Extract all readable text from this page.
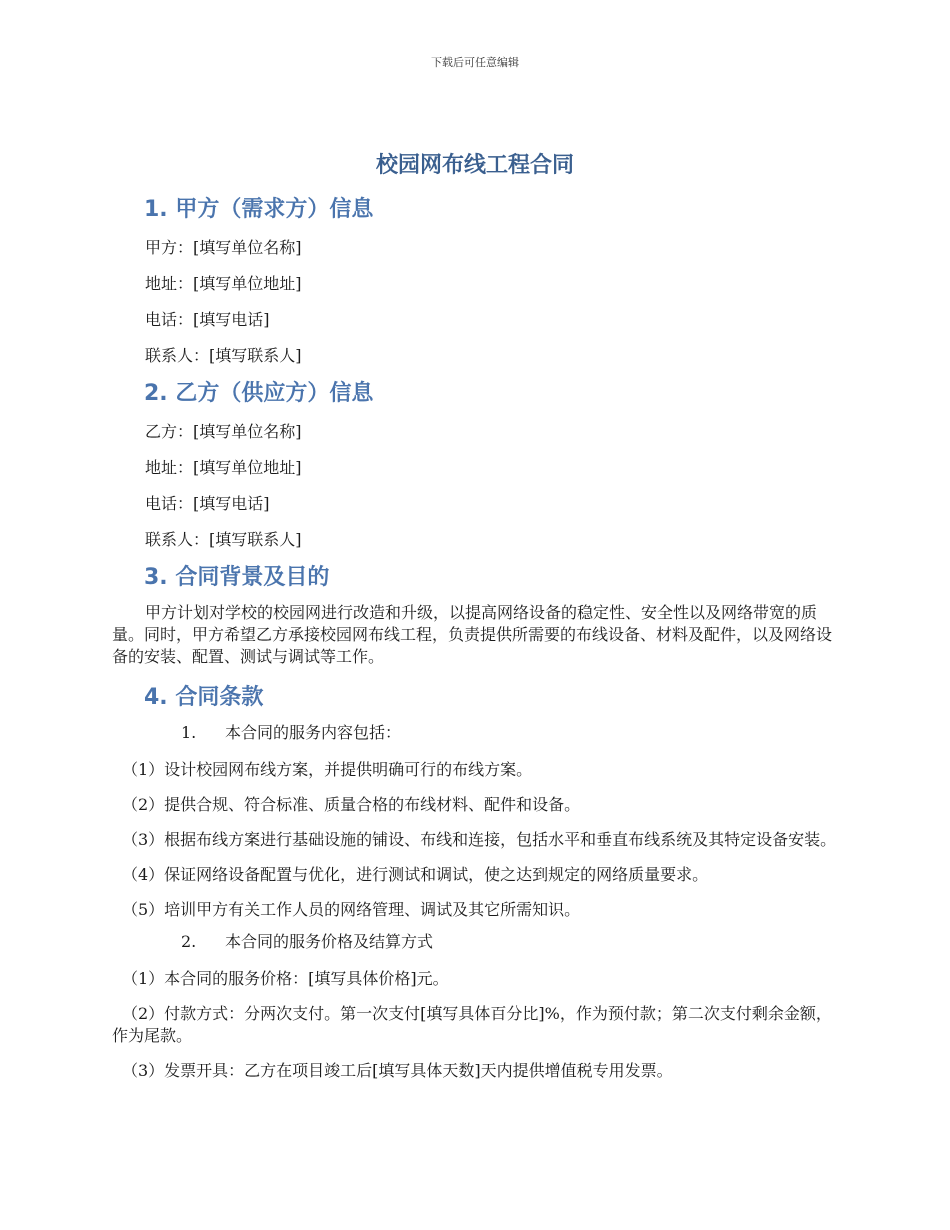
下载后可任意编辑
校园网布线工程合同
1. 甲方（需求方）信息

甲方：[填写单位名称]

地址：[填写单位地址]

电话：[填写电话]

联系人：[填写联系人]

2. 乙方（供应方）信息

乙方：[填写单位名称]

地址：[填写单位地址]

电话：[填写电话]

联系人：[填写联系人]

3. 合同背景及目的

甲方计划对学校的校园网进行改造和升级，以提高网络设备的稳定性、安全性以及网络带宽的质量。同时，甲方希望乙方承接校园网布线工程，负责提供所需要的布线设备、材料及配件，以及网络设备的安装、配置、测试与调试等工作。

4. 合同条款

1. 本合同的服务内容包括：

（1）设计校园网布线方案，并提供明确可行的布线方案。

（2）提供合规、符合标准、质量合格的布线材料、配件和设备。

（3）根据布线方案进行基础设施的铺设、布线和连接，包括水平和垂直布线系统及其特定设备安装。

（4）保证网络设备配置与优化，进行测试和调试，使之达到规定的网络质量要求。

（5）培训甲方有关工作人员的网络管理、调试及其它所需知识。

2. 本合同的服务价格及结算方式

（1）本合同的服务价格：[填写具体价格]元。

（2）付款方式：分两次支付。第一次支付[填写具体百分比]%，作为预付款；第二次支付剩余金额，作为尾款。

（3）发票开具：乙方在项目竣工后[填写具体天数]天内提供增值税专用发票。
